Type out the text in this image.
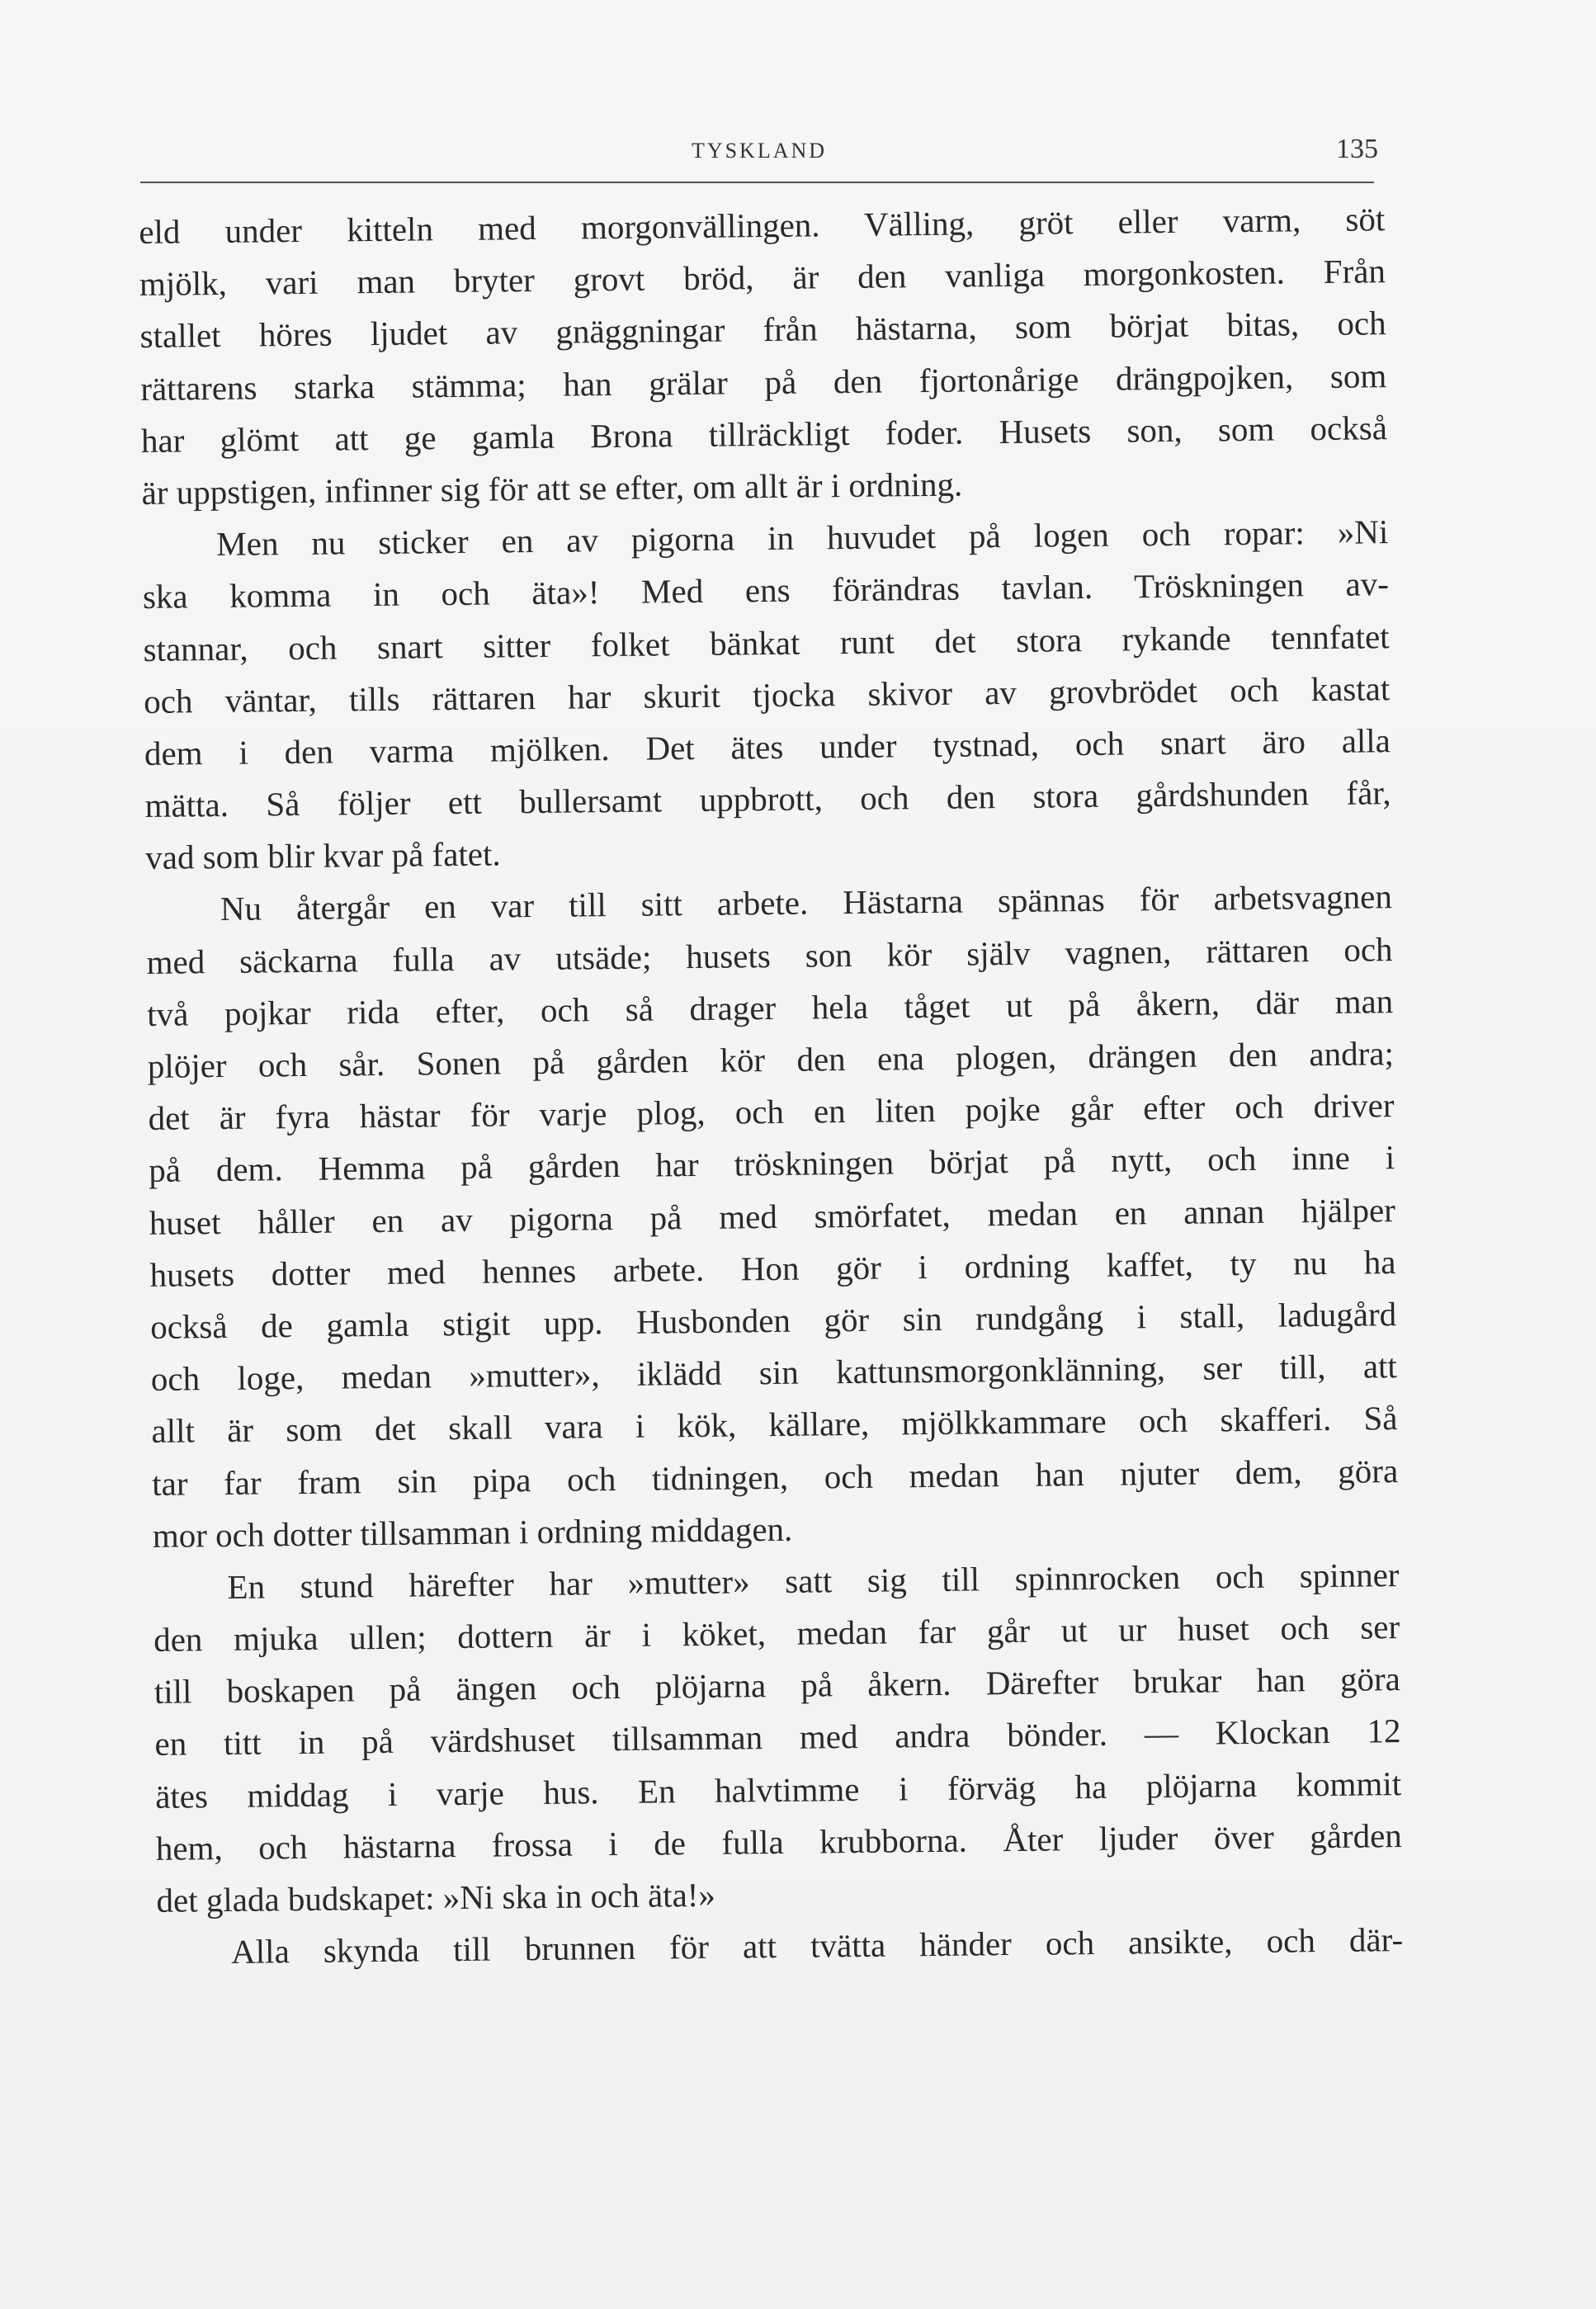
TYSKLAND	135
eld under kitteln med morgonvällingen. Välling, gröt eller varm, söt
mjölk, vari man bryter grovt bröd, är den vanliga morgonkosten. Från
stallet höres ljudet av gnäggningar från hästarna, som börjat bitas, och
rättarens starka stämma; han grälar på den fjortonårige drängpojken, som
har glömt att ge gamla Brona tillräckligt foder. Husets son, som också
är uppstigen, infinner sig för att se efter, om allt är i ordning.
Men nu sticker en av pigorna in huvudet på logen och ropar: »Ni
ska komma in och äta»! Med ens förändras tavlan. Tröskningen av-
stannar, och snart sitter folket bänkat runt det stora rykande tennfatet
och väntar, tills rättaren har skurit tjocka skivor av grovbrödet och kastat
dem i den varma mjölken. Det ätes under tystnad, och snart äro alla
mätta. Så följer ett bullersamt uppbrott, och den stora gårdshunden får,
vad som blir kvar på fatet.
Nu återgår en var till sitt arbete. Hästarna spännas för arbetsvagnen
med säckarna fulla av utsäde; husets son kör själv vagnen, rättaren och
två pojkar rida efter, och så drager hela tåget ut på åkern, där man
plöjer och sår. Sonen på gården kör den ena plogen, drängen den andra;
det är fyra hästar för varje plog, och en liten pojke går efter och driver
på dem. Hemma på gården har tröskningen börjat på nytt, och inne i
huset håller en av pigorna på med smörfatet, medan en annan hjälper
husets dotter med hennes arbete. Hon gör i ordning kaffet, ty nu ha
också de gamla stigit upp. Husbonden gör sin rundgång i stall, ladugård
och loge, medan »mutter», iklädd sin kattunsmorgonklänning, ser till, att
allt är som det skall vara i kök, källare, mjölkkammare och skafferi. Så
tar far fram sin pipa och tidningen, och medan han njuter dem, göra
mor och dotter tillsamman i ordning middagen.
En stund härefter har »mutter» satt sig till spinnrocken och spinner
den mjuka ullen; dottern är i köket, medan far går ut ur huset och ser
till boskapen på ängen och plöjarna på åkern. Därefter brukar han göra
en titt in på värdshuset tillsamman med andra bönder. — Klockan 12
ätes middag i varje hus. En halvtimme i förväg ha plöjarna kommit
hem, och hästarna frossa i de fulla krubborna. Åter ljuder över gården
det glada budskapet: »Ni ska in och äta!»
Alla skynda till brunnen för att tvätta händer och ansikte, och där-
